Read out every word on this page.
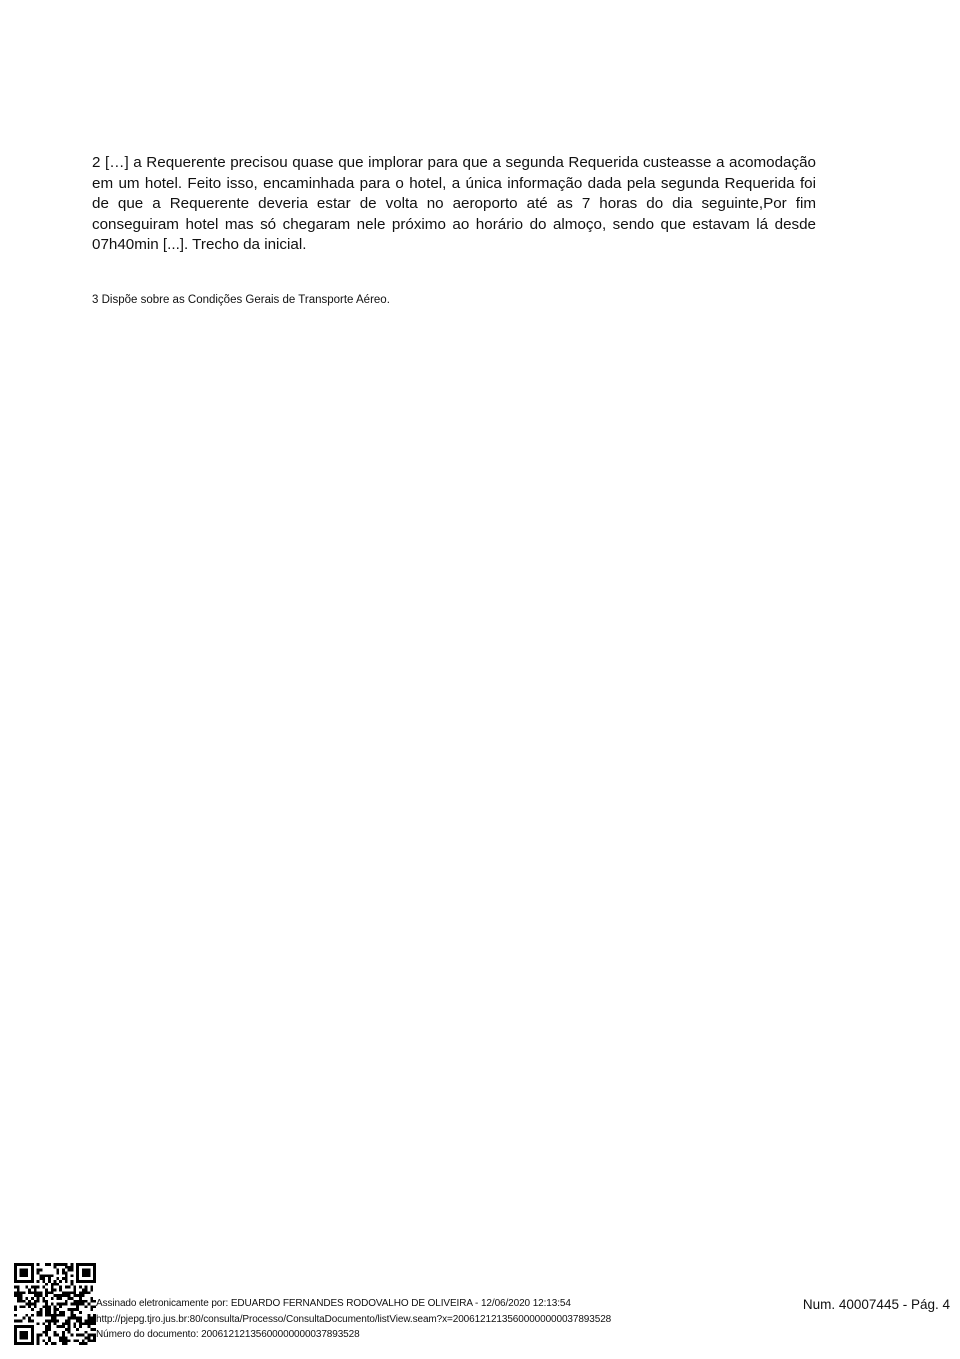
2 […] a Requerente precisou quase que implorar para que a segunda Requerida custeasse a acomodação em um hotel. Feito isso, encaminhada para o hotel, a única informação dada pela segunda Requerida foi de que a Requerente deveria estar de volta no aeroporto até as 7 horas do dia seguinte,Por fim conseguiram hotel mas só chegaram nele próximo ao horário do almoço, sendo que estavam lá desde 07h40min [...]. Trecho da inicial.

3 Dispõe sobre as Condições Gerais de Transporte Aéreo.

Assinado eletronicamente por: EDUARDO FERNANDES RODOVALHO DE OLIVEIRA - 12/06/2020 12:13:54
http://pjepg.tjro.jus.br:80/consulta/Processo/ConsultaDocumento/listView.seam?x=20061212135600000000037893528
Número do documento: 20061212135600000000037893528
Num. 40007445 - Pág. 4
